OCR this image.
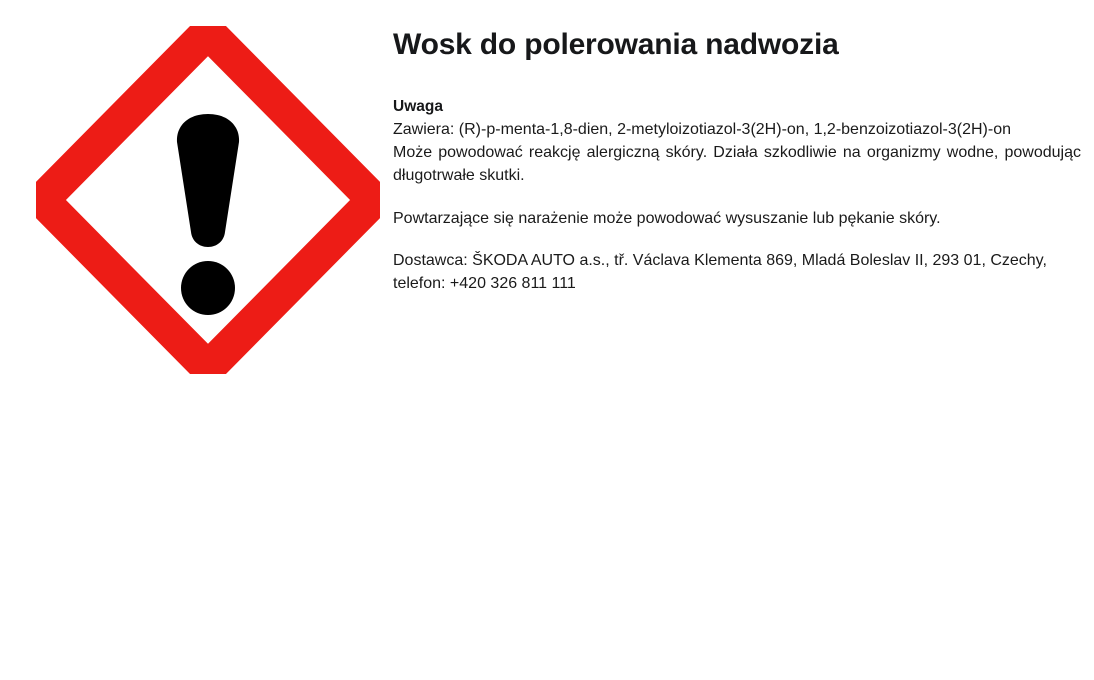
Wosk do polerowania nadwozia
Uwaga

Zawiera: (R)-p-menta-1,8-dien, 2-metyloizotiazol-3(2H)-on, 1,2-benzoizotiazol-3(2H)-on

Może powodować reakcję alergiczną skóry. Działa szkodliwie na organizmy wodne, powodując długotrwałe skutki.

Powtarzające się narażenie może powodować wysuszanie lub pękanie skóry.

Dostawca: ŠKODA AUTO a.s., tř. Václava Klementa 869, Mladá Boleslav II, 293 01, Czechy, telefon: +420 326 811 111
